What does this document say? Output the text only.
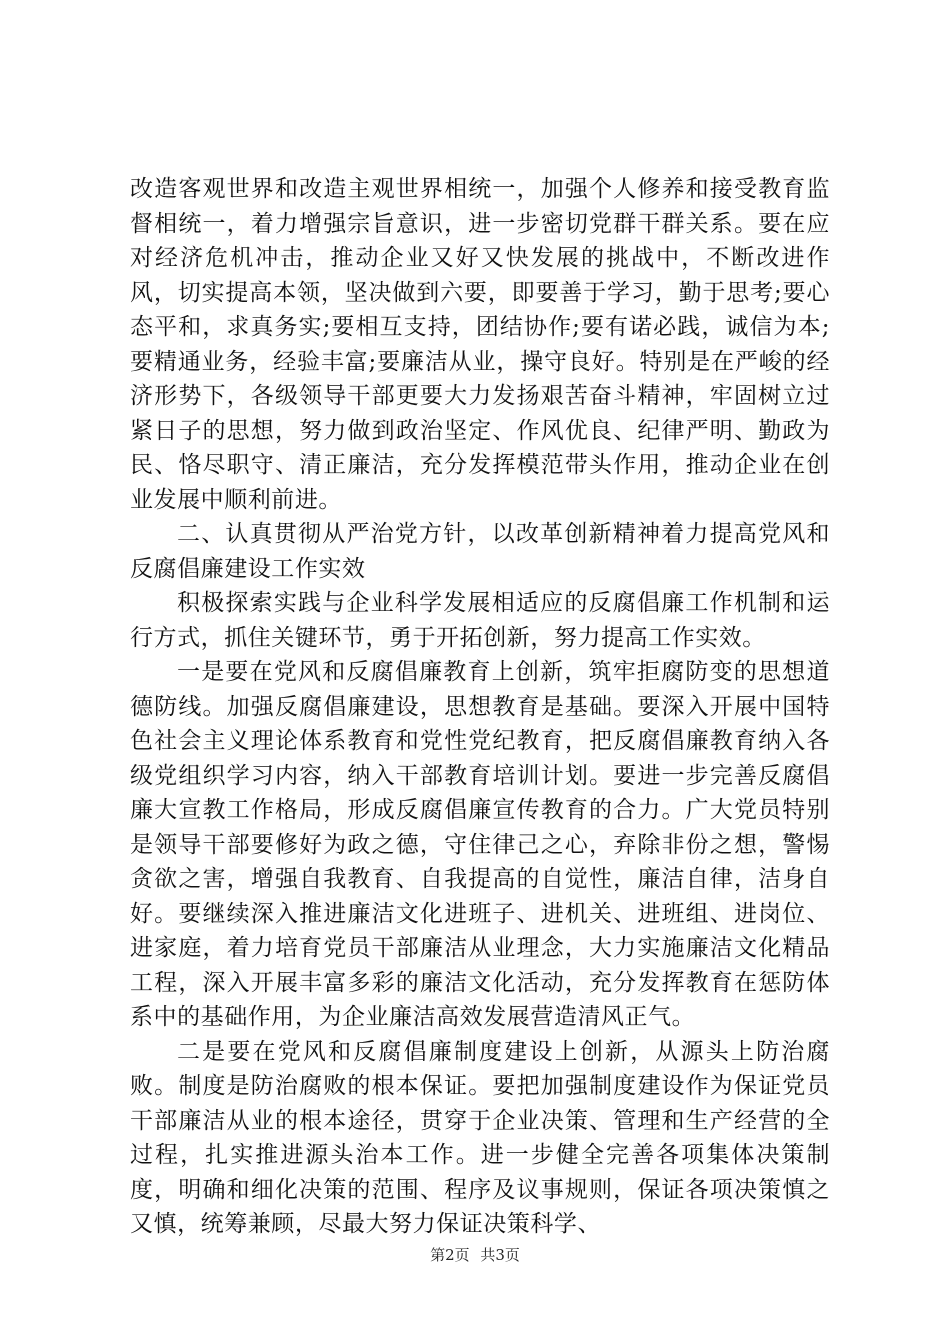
改造客观世界和改造主观世界相统一，加强个人修养和接受教育监督相统一，着力增强宗旨意识，进一步密切党群干群关系。要在应对经济危机冲击，推动企业又好又快发展的挑战中，不断改进作风，切实提高本领，坚决做到六要，即要善于学习，勤于思考;要心态平和，求真务实;要相互支持，团结协作;要有诺必践，诚信为本;要精通业务，经验丰富;要廉洁从业，操守良好。特别是在严峻的经济形势下，各级领导干部更要大力发扬艰苦奋斗精神，牢固树立过紧日子的思想，努力做到政治坚定、作风优良、纪律严明、勤政为民、恪尽职守、清正廉洁，充分发挥模范带头作用，推动企业在创业发展中顺利前进。

二、认真贯彻从严治党方针，以改革创新精神着力提高党风和反腐倡廉建设工作实效

积极探索实践与企业科学发展相适应的反腐倡廉工作机制和运行方式，抓住关键环节，勇于开拓创新，努力提高工作实效。

一是要在党风和反腐倡廉教育上创新，筑牢拒腐防变的思想道德防线。加强反腐倡廉建设，思想教育是基础。要深入开展中国特色社会主义理论体系教育和党性党纪教育，把反腐倡廉教育纳入各级党组织学习内容，纳入干部教育培训计划。要进一步完善反腐倡廉大宣教工作格局，形成反腐倡廉宣传教育的合力。广大党员特别是领导干部要修好为政之德，守住律己之心，弃除非份之想，警惕贪欲之害，增强自我教育、自我提高的自觉性，廉洁自律，洁身自好。要继续深入推进廉洁文化进班子、进机关、进班组、进岗位、进家庭，着力培育党员干部廉洁从业理念，大力实施廉洁文化精品工程，深入开展丰富多彩的廉洁文化活动，充分发挥教育在惩防体系中的基础作用，为企业廉洁高效发展营造清风正气。

二是要在党风和反腐倡廉制度建设上创新，从源头上防治腐败。制度是防治腐败的根本保证。要把加强制度建设作为保证党员干部廉洁从业的根本途径，贯穿于企业决策、管理和生产经营的全过程，扎实推进源头治本工作。进一步健全完善各项集体决策制度，明确和细化决策的范围、程序及议事规则，保证各项决策慎之又慎，统筹兼顾，尽最大努力保证决策科学、

第2页 共3页
